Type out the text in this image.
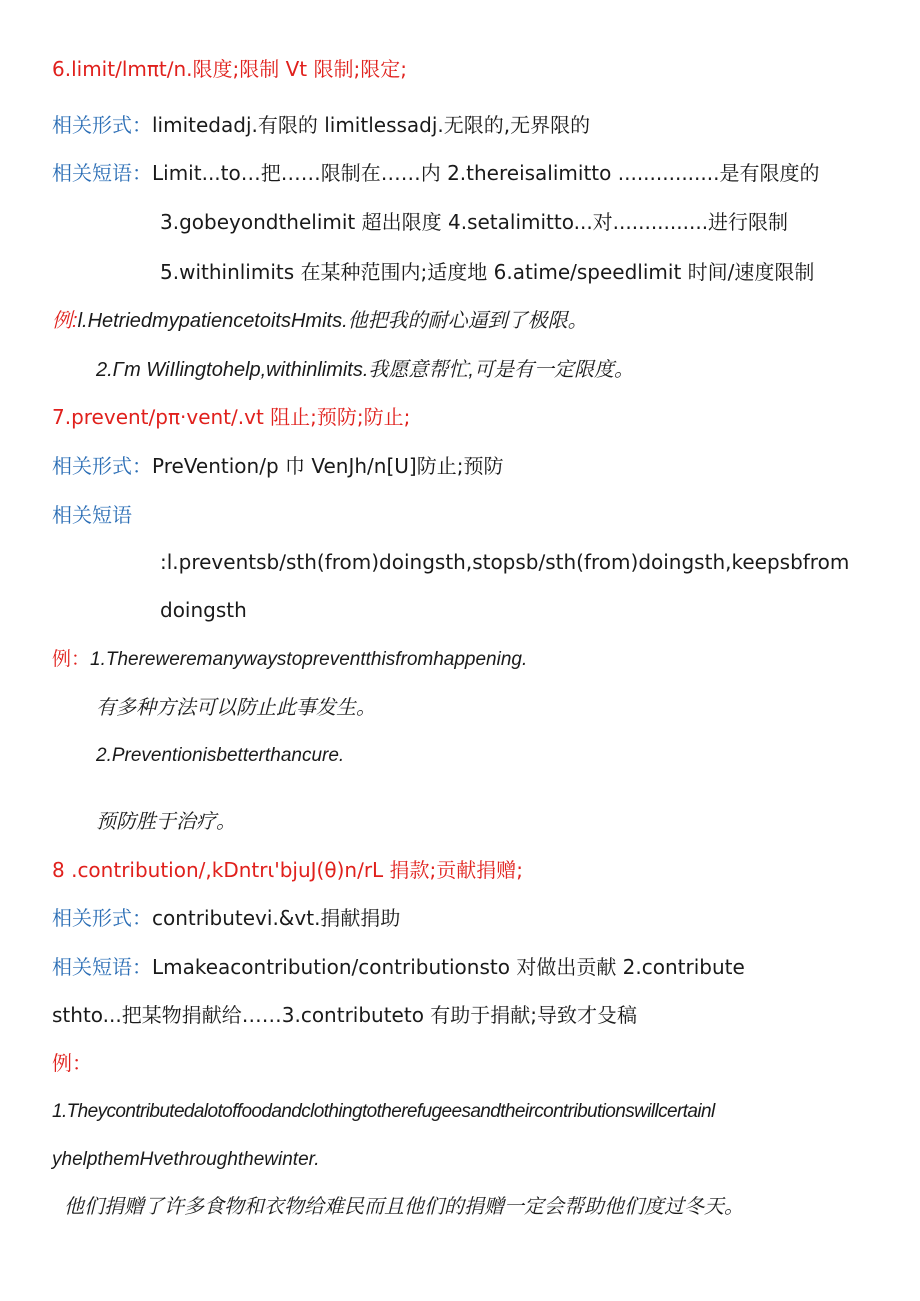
6.limit∕lmπt∕n.限度;限制 Vt 限制;限定;
相关形式：limitedadj.有限的 limitlessadj.无限的,无界限的
相关短语：Limit...to…把……限制在……内 2.thereisalimitto ................是有限度的
3.gobeyondthelimit 超出限度 4.setalimitto...对...............进行限制
5.withinlimits 在某种范围内;适度地 6.atime/speedlimit 时间/速度限制
例:l.HetriedmypatiencetoitsHmits.他把我的耐心逼到了极限。
2.Γm WiIlingtohelp,withinlimits.我愿意帮忙,可是有一定限度。
7.prevent∕pπ·vent∕.vt 阻止;预防;防止;
相关形式：PreVention/p 巾 VenJh/n[U]防止;预防
相关短语
:l.preventsb∕sth(from)doingsth,stopsb∕sth(from)doingsth,keepsbfrom
doingsth
例：1.Thereweremanywaystopreventthisfromhappening.
有多种方法可以防止此事发生。
2.Preventionisbetterthancure.
预防胜于治疗。
8 .contribution/,kDntrι'bjuJ(θ)n∕rL 捐款;贡献捐赠;
相关形式：contributevi.&vt.捐献捐助
相关短语：Lmakeacontribution/contributionsto 对做出贡献 2.contribute
sthto...把某物捐献给……3.contributeto 有助于捐献;导致才殳稿
例：
1.Theycontributedalotoffoodandclothingtotherefugeesandtheircontributionswillcertainl
yhelpthemHvethroughthewinter.
他们捐赠了许多食物和衣物给难民而且他们的捐赠一定会帮助他们度过冬天。
